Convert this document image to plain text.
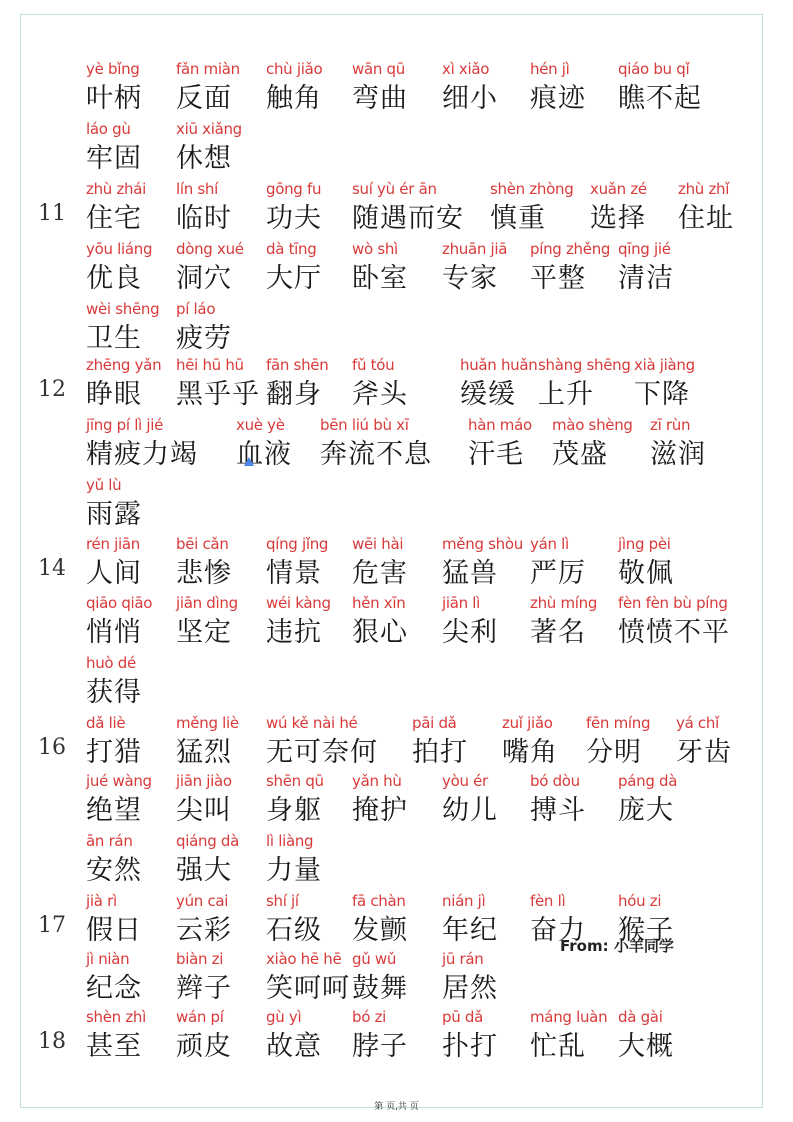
yè bǐng
叶柄
fǎn miàn
反面
chù jiǎo
触角
wān qū
弯曲
xì xiǎo
细小
hén jì
痕迹
qiáo bu qǐ
瞧不起
láo gù
牢固
xiū xiǎng
休想
11
zhù zhái
住宅
lín shí
临时
gōng fu
功夫
suí yù ér ān
随遇而安
shèn zhòng
慎重
xuǎn zé
选择
zhù zhǐ
住址
yōu liáng
优良
dòng xué
洞穴
dà tīng
大厅
wò shì
卧室
zhuān jiā
专家
píng zhěng
平整
qīng jié
清洁
wèi shēng
卫生
pí láo
疲劳
12
zhēng yǎn
睁眼
hēi hū hū
黑乎乎
fān shēn
翻身
fǔ tóu
斧头
huǎn huǎn
缓缓
shàng shēng
上升
xià jiàng
下降
jīng pí lì jié
精疲力竭
xuè yè
血液
bēn liú bù xī
奔流不息
hàn máo
汗毛
mào shèng
茂盛
zī rùn
滋润
yǔ lù
雨露
14
rén jiān
人间
bēi cǎn
悲惨
qíng jǐng
情景
wēi hài
危害
měng shòu
猛兽
yán lì
严厉
jìng pèi
敬佩
qiāo qiāo
悄悄
jiān dìng
坚定
wéi kàng
违抗
hěn xīn
狠心
jiān lì
尖利
zhù míng
著名
fèn fèn bù píng
愤愤不平
huò dé
获得
16
dǎ liè
打猎
měng liè
猛烈
wú kě nài hé
无可奈何
pāi dǎ
拍打
zuǐ jiǎo
嘴角
fēn míng
分明
yá chǐ
牙齿
jué wàng
绝望
jiān jiào
尖叫
shēn qū
身躯
yǎn hù
掩护
yòu ér
幼儿
bó dòu
搏斗
páng dà
庞大
ān rán
安然
qiáng dà
强大
lì liàng
力量
17
jià rì
假日
yún cai
云彩
shí jí
石级
fā chàn
发颤
nián jì
年纪
fèn lì
奋力
hóu zi
猴子
jì niàn
纪念
biàn zi
辫子
xiào hē hē
笑呵呵
gǔ wǔ
鼓舞
jū rán
居然
18
shèn zhì
甚至
wán pí
顽皮
gù yì
故意
bó zi
脖子
pū dǎ
扑打
máng luàn
忙乱
dà gài
大概
From: 小羊同学
第 页,共 页
